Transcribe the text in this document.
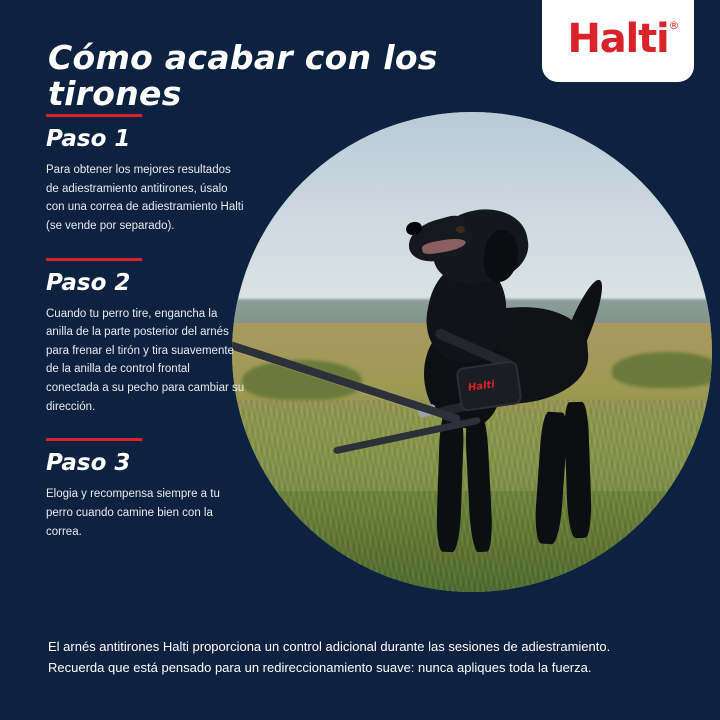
Halti
Halti ®
Cómo acabar con los tirones
Paso 1
Para obtener los mejores resultados de adiestramiento antitirones, úsalo con una correa de adiestramiento Halti (se vende por separado).
Paso 2
Cuando tu perro tire, engancha la anilla de la parte posterior del arnés para frenar el tirón y tira suavemente de la anilla de control frontal conectada a su pecho para cambiar su dirección.
Paso 3
Elogia y recompensa siempre a tu perro cuando camine bien con la correa.

El arnés antitirones Halti proporciona un control adicional durante las sesiones de adiestramiento. Recuerda que está pensado para un redireccionamiento suave: nunca apliques toda la fuerza.
